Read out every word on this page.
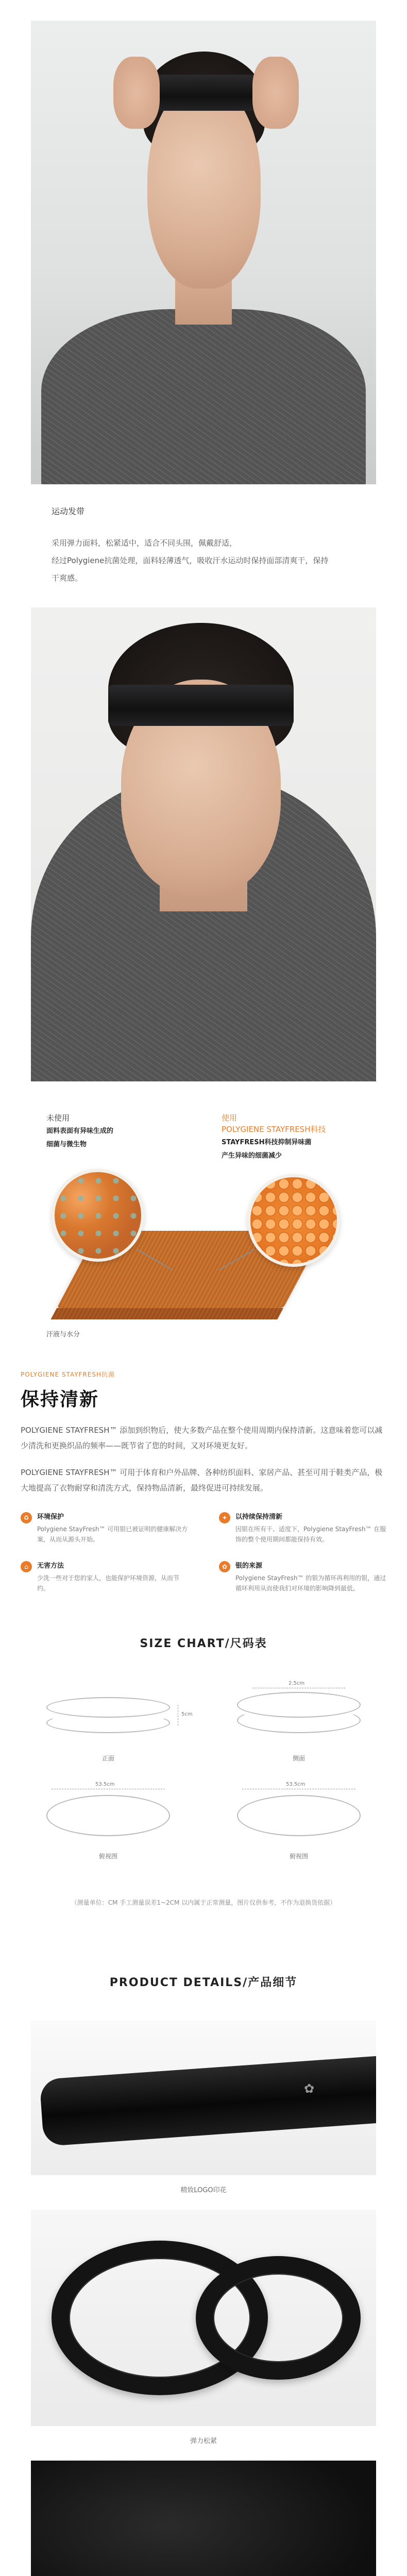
运动发带
采用弹力面料，松紧适中，适合不同头围，佩戴舒适，
经过Polygiene抗菌处理，面料轻薄透气，吸收汗水运动时保持面部清爽干，保持
干爽感。
未使用
面料表面有异味生成的
细菌与微生物
使用
POLYGIENE STAYFRESH科技
STAYFRESH科技抑制异味菌
产生异味的细菌减少
汗液与水分
POLYGIENE STAYFRESH抗菌
保持清新
POLYGIENE STAYFRESH™ 添加到织物后，使大多数产品在整个使用周期内保持清新。这意味着您可以减少清洗和更换织品的频率——既节省了您的时间，又对环境更友好。
POLYGIENE STAYFRESH™ 可用于体育和户外品牌、各种纺织面料、家居产品、甚至可用于鞋类产品，极大地提高了衣物耐穿和清洗方式，保持物品清新，最终促进可持续发展。
♻	环境保护
Polygiene StayFresh™ 可用银已被证明的健康解决方案，从而从源头开始。
✦	以持续保持清新
因银在所有干、适度下，Polygiene StayFresh™ 在服饰的整个使用期间都能保持有效。
⌂	无害方法
少洗一些对于您的家人，也能保护环境资源，从而节约。
✿	银的来源
Polygiene StayFresh™ 的银为循环再利用的银，通过循环利用从而使我们对环境的影响降到最低。
SIZE CHART/尺码表
5cm
正面
2.5cm
侧面
53.5cm
俯视图
53.5cm
俯视图
（测量单位：CM 手工测量误差1~2CM 以内属于正常测量，图片仅供参考，不作为退换货依据）
PRODUCT DETAILS/产品细节
✿
精致LOGO印花
弹力松紧
